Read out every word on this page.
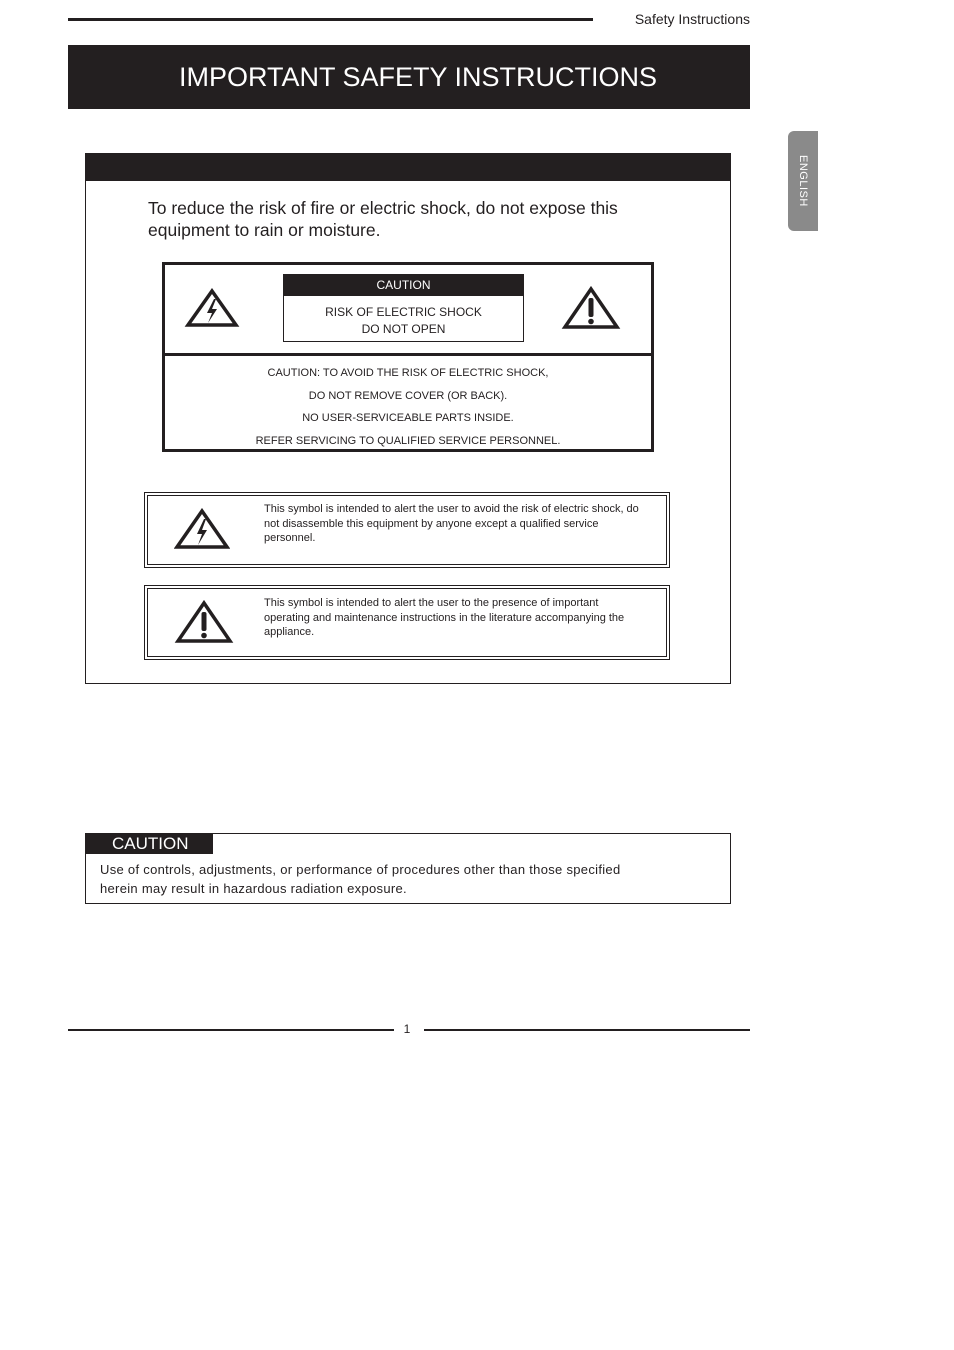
Safety Instructions
IMPORTANT SAFETY INSTRUCTIONS
ENGLISH
To reduce the risk of fire or electric shock, do not expose this equipment to rain or moisture.
CAUTION
RISK OF ELECTRIC SHOCK
DO NOT OPEN
CAUTION: TO AVOID THE RISK OF ELECTRIC SHOCK,
DO NOT REMOVE COVER (OR BACK).
NO USER-SERVICEABLE PARTS INSIDE.
REFER SERVICING TO QUALIFIED SERVICE PERSONNEL.
This symbol is intended to alert the user to avoid the risk of electric shock, do not disassemble this equipment by anyone except a qualified service personnel.
This symbol is intended to alert the user to the presence of important operating and maintenance instructions in the literature accompanying the appliance.
CAUTION
Use of controls, adjustments, or performance of procedures other than those specified herein may result in hazardous radiation exposure.
1
